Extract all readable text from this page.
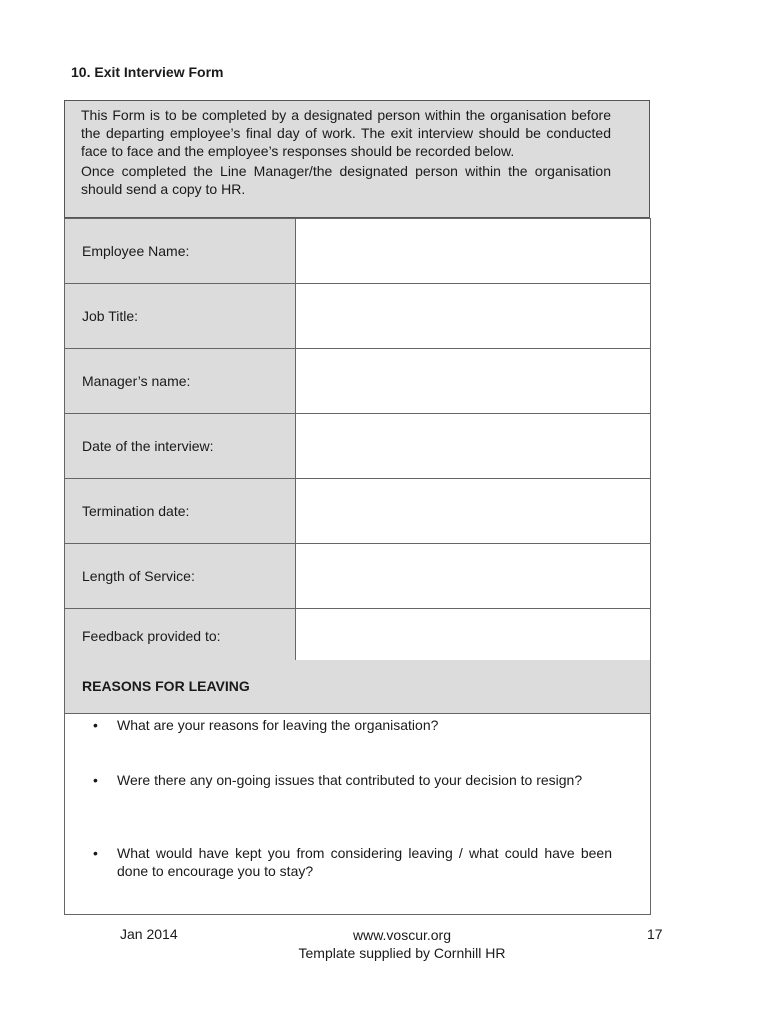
10. Exit Interview Form

This Form is to be completed by a designated person within the organisation before the departing employee’s final day of work. The exit interview should be conducted face to face and the employee’s responses should be recorded below.

Once completed the Line Manager/the designated person within the organisation should send a copy to HR.

Employee Name:	
Job Title:	
Manager’s name:	
Date of the interview:	
Termination date:	
Length of Service:	
Feedback provided to:	
REASONS FOR LEAVING
• What are your reasons for leaving the organisation?
• Were there any on-going issues that contributed to your decision to resign?
• What would have kept you from considering leaving / what could have been done to encourage you to stay?
Jan 2014	www.voscur.org
Template supplied by Cornhill HR
17
